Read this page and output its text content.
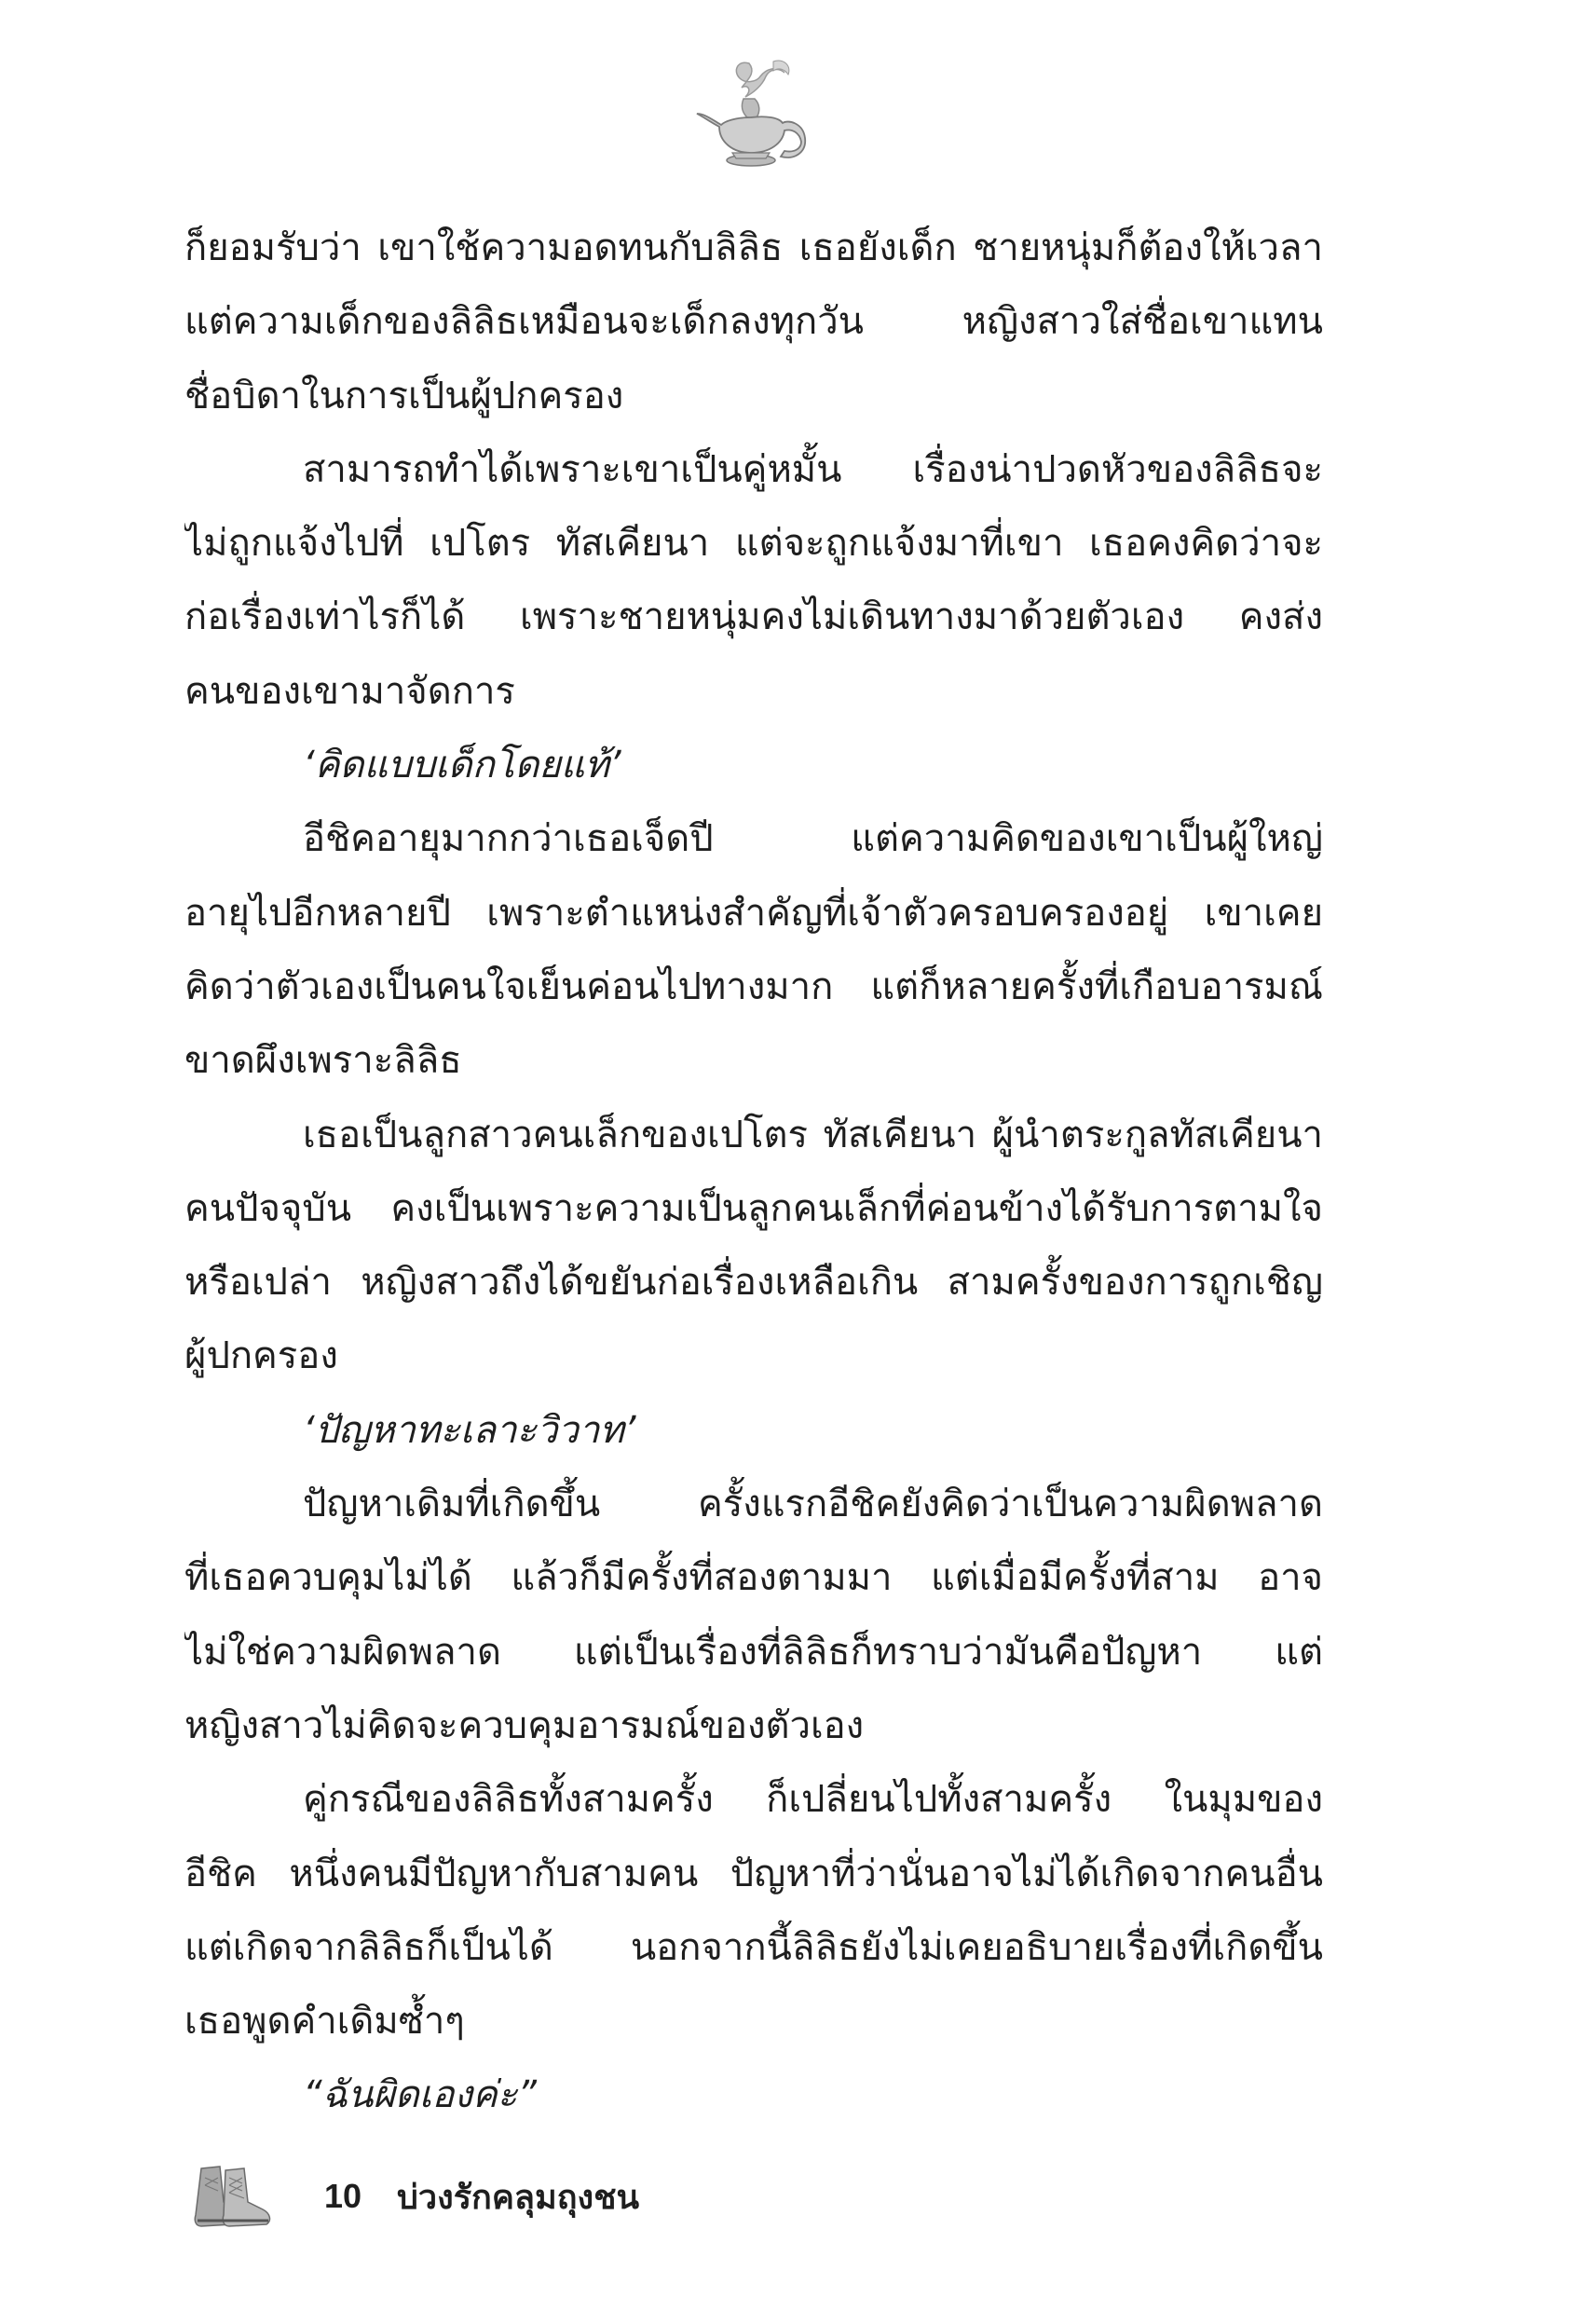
ก็ยอมรับว่า เขาใช้ความอดทนกับลิลิธ เธอยังเด็ก ชายหนุ่มก็ต้องให้เวลา
แต่ความเด็กของลิลิธเหมือนจะเด็กลงทุกวัน หญิงสาวใส่ชื่อเขาแทน
ชื่อบิดาในการเป็นผู้ปกครอง
สามารถทำได้เพราะเขาเป็นคู่หมั้น เรื่องน่าปวดหัวของลิลิธจะ
ไม่ถูกแจ้งไปที่ เปโตร ทัสเคียนา แต่จะถูกแจ้งมาที่เขา เธอคงคิดว่าจะ
ก่อเรื่องเท่าไรก็ได้ เพราะชายหนุ่มคงไม่เดินทางมาด้วยตัวเอง คงส่ง
คนของเขามาจัดการ
‘คิดแบบเด็กโดยแท้’
อีชิคอายุมากกว่าเธอเจ็ดปี แต่ความคิดของเขาเป็นผู้ใหญ่
อายุไปอีกหลายปี เพราะตำแหน่งสำคัญที่เจ้าตัวครอบครองอยู่ เขาเคย
คิดว่าตัวเองเป็นคนใจเย็นค่อนไปทางมาก แต่ก็หลายครั้งที่เกือบอารมณ์
ขาดผึงเพราะลิลิธ
เธอเป็นลูกสาวคนเล็กของเปโตร ทัสเคียนา ผู้นำตระกูลทัสเคียนา
คนปัจจุบัน คงเป็นเพราะความเป็นลูกคนเล็กที่ค่อนข้างได้รับการตามใจ
หรือเปล่า หญิงสาวถึงได้ขยันก่อเรื่องเหลือเกิน สามครั้งของการถูกเชิญ
ผู้ปกครอง
‘ปัญหาทะเลาะวิวาท’
ปัญหาเดิมที่เกิดขึ้น ครั้งแรกอีชิคยังคิดว่าเป็นความผิดพลาด
ที่เธอควบคุมไม่ได้ แล้วก็มีครั้งที่สองตามมา แต่เมื่อมีครั้งที่สาม อาจ
ไม่ใช่ความผิดพลาด แต่เป็นเรื่องที่ลิลิธก็ทราบว่ามันคือปัญหา แต่
หญิงสาวไม่คิดจะควบคุมอารมณ์ของตัวเอง
คู่กรณีของลิลิธทั้งสามครั้ง ก็เปลี่ยนไปทั้งสามครั้ง ในมุมของ
อีชิค หนึ่งคนมีปัญหากับสามคน ปัญหาที่ว่านั่นอาจไม่ได้เกิดจากคนอื่น
แต่เกิดจากลิลิธก็เป็นได้ นอกจากนี้ลิลิธยังไม่เคยอธิบายเรื่องที่เกิดขึ้น
เธอพูดคำเดิมซ้ำๆ
“ฉันผิดเองค่ะ”
10 บ่วงรักคลุมถุงชน
